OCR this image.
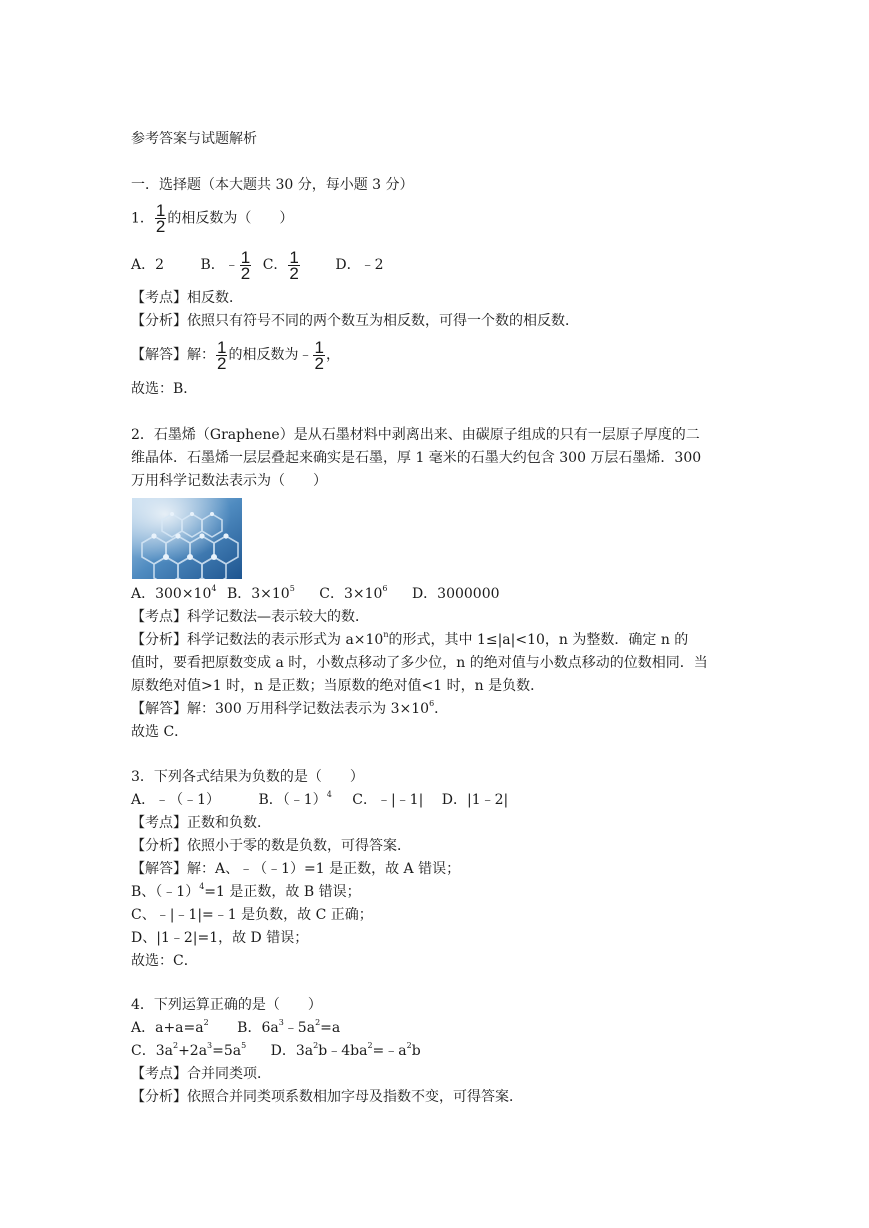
参考答案与试题解析
一．选择题（本大题共 30 分，每小题 3 分）
1． $\frac{1}{2}$ 的相反数为（　　）
A．2	B．﹣ $\frac{1}{2}$ C． $\frac{1}{2}$	D．﹣2
【考点】相反数．
【分析】依照只有符号不同的两个数互为相反数，可得一个数的相反数．
【解答】解： $\frac{1}{2}$ 的相反数为﹣ $\frac{1}{2}$ ，
故选：B．
2．石墨烯（Graphene）是从石墨材料中剥离出来、由碳原子组成的只有一层原子厚度的二
维晶体．石墨烯一层层叠起来确实是石墨，厚 1 毫米的石墨大约包含 300 万层石墨烯．300
万用科学记数法表示为（　　）
A．$300\times 10^4$ B．$3\times 10^5$ C．$3\times 10^6$ D．3000000
【考点】科学记数法—表示较大的数．
【分析】科学记数法的表示形式为 $a\times 10^n$的形式，其中 1≤|a|<10，n 为整数．确定 n 的
值时，要看把原数变成 a 时，小数点移动了多少位，n 的绝对值与小数点移动的位数相同．当
原数绝对值>1 时，n 是正数；当原数的绝对值<1 时，n 是负数．
【解答】解：300 万用科学记数法表示为 $3\times 10^6$．
故选 C．
3．下列各式结果为负数的是（　　）
A．﹣（﹣1）	B．（﹣1）$^4$ C．﹣|﹣1| D．|1﹣2|
【考点】正数和负数．
【分析】依照小于零的数是负数，可得答案．
【解答】解：A、﹣（﹣1）=1 是正数，故 A 错误；
B、（﹣1）$^4$=1 是正数，故 B 错误；
C、﹣|﹣1|=﹣1 是负数，故 C 正确；
D、|1﹣2|=1，故 D 错误；
故选：C．
4．下列运算正确的是（　　）
A．$a+a=a^2$ B．$6a^3﹣5a^2=a$
C．$3a^2+2a^3=5a^5$ D．$3a^2b﹣4ba^2=﹣a^2b$
【考点】合并同类项．
【分析】依照合并同类项系数相加字母及指数不变，可得答案．
